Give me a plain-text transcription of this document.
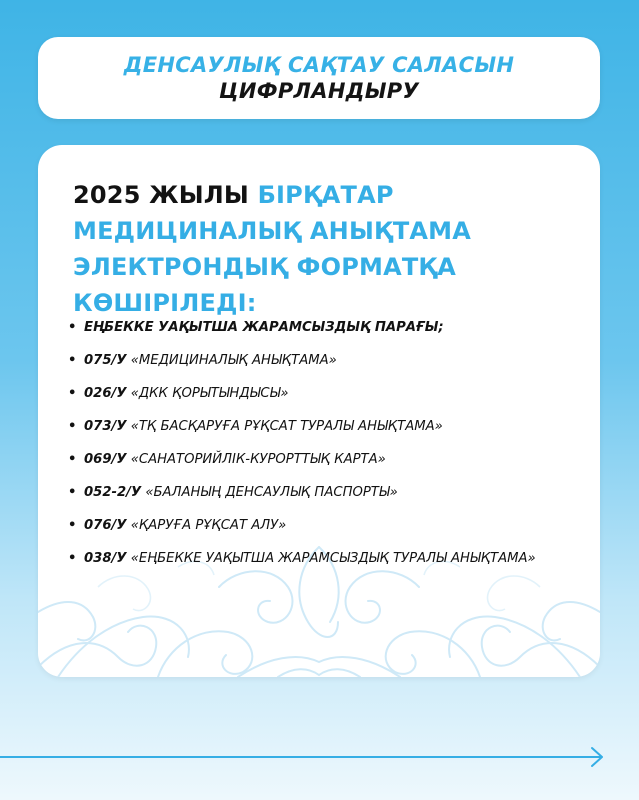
ДЕНСАУЛЫҚ САҚТАУ САЛАСЫН
ЦИФРЛАНДЫРУ
2025 ЖЫЛЫ БІРҚАТАР МЕДИЦИНАЛЫҚ АНЫҚТАМА ЭЛЕКТРОНДЫҚ ФОРМАТҚА КӨШІРІЛЕДІ:
• ЕҢБЕККЕ УАҚЫТША ЖАРАМСЫЗДЫҚ ПАРАҒЫ;
• 075/У «МЕДИЦИНАЛЫҚ АНЫҚТАМА»
• 026/У «ДКК ҚОРЫТЫНДЫСЫ»
• 073/У «ТҚ БАСҚАРУҒА РҰҚСАТ ТУРАЛЫ АНЫҚТАМА»
• 069/У «САНАТОРИЙЛІК-КУРОРТТЫҚ КАРТА»
• 052-2/У «БАЛАНЫҢ ДЕНСАУЛЫҚ ПАСПОРТЫ»
• 076/У «ҚАРУҒА РҰҚСАТ АЛУ»
• 038/У «ЕҢБЕККЕ УАҚЫТША ЖАРАМСЫЗДЫҚ ТУРАЛЫ АНЫҚТАМА»
